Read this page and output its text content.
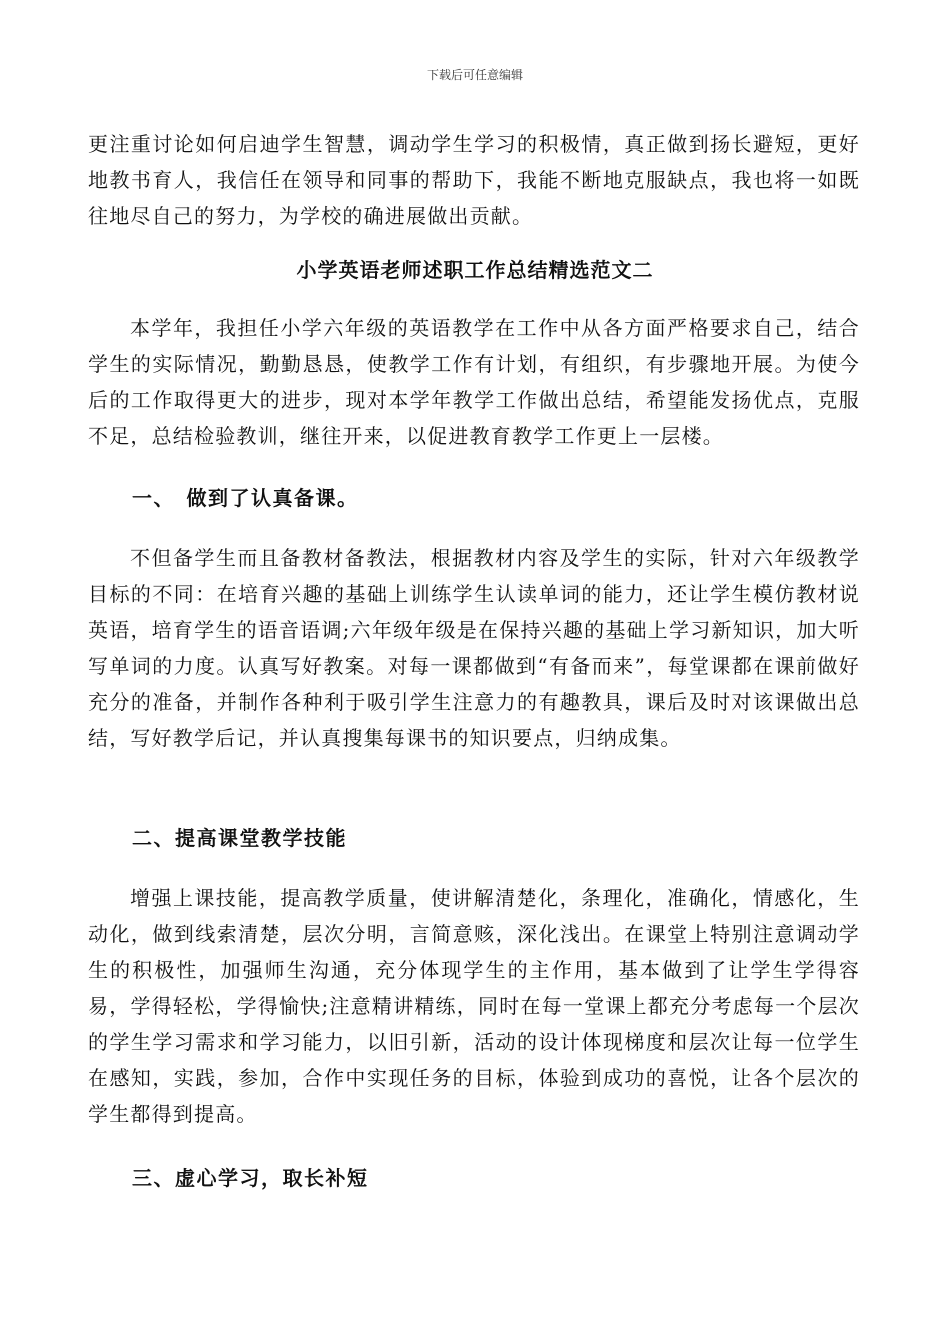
下载后可任意编辑

更注重讨论如何启迪学生智慧，调动学生学习的积极情，真正做到扬长避短，更好地教书育人，我信任在领导和同事的帮助下，我能不断地克服缺点，我也将一如既往地尽自己的努力，为学校的确进展做出贡献。

小学英语老师述职工作总结精选范文二

本学年，我担任小学六年级的英语教学在工作中从各方面严格要求自己，结合学生的实际情况，勤勤恳恳，使教学工作有计划，有组织，有步骤地开展。为使今后的工作取得更大的进步，现对本学年教学工作做出总结，希望能发扬优点，克服不足，总结检验教训，继往开来，以促进教育教学工作更上一层楼。

一、　做到了认真备课。

不但备学生而且备教材备教法，根据教材内容及学生的实际，针对六年级教学目标的不同：在培育兴趣的基础上训练学生认读单词的能力，还让学生模仿教材说英语，培育学生的语音语调;六年级年级是在保持兴趣的基础上学习新知识，加大听写单词的力度。认真写好教案。对每一课都做到“有备而来”，每堂课都在课前做好充分的准备，并制作各种利于吸引学生注意力的有趣教具，课后及时对该课做出总结，写好教学后记，并认真搜集每课书的知识要点，归纳成集。

二、提高课堂教学技能

增强上课技能，提高教学质量，使讲解清楚化，条理化，准确化，情感化，生动化，做到线索清楚，层次分明，言简意赅，深化浅出。在课堂上特别注意调动学生的积极性，加强师生沟通，充分体现学生的主作用，基本做到了让学生学得容易，学得轻松，学得愉快;注意精讲精练，同时在每一堂课上都充分考虑每一个层次的学生学习需求和学习能力，以旧引新，活动的设计体现梯度和层次让每一位学生在感知，实践，参加，合作中实现任务的目标，体验到成功的喜悦，让各个层次的学生都得到提高。

三、虚心学习，取长补短
